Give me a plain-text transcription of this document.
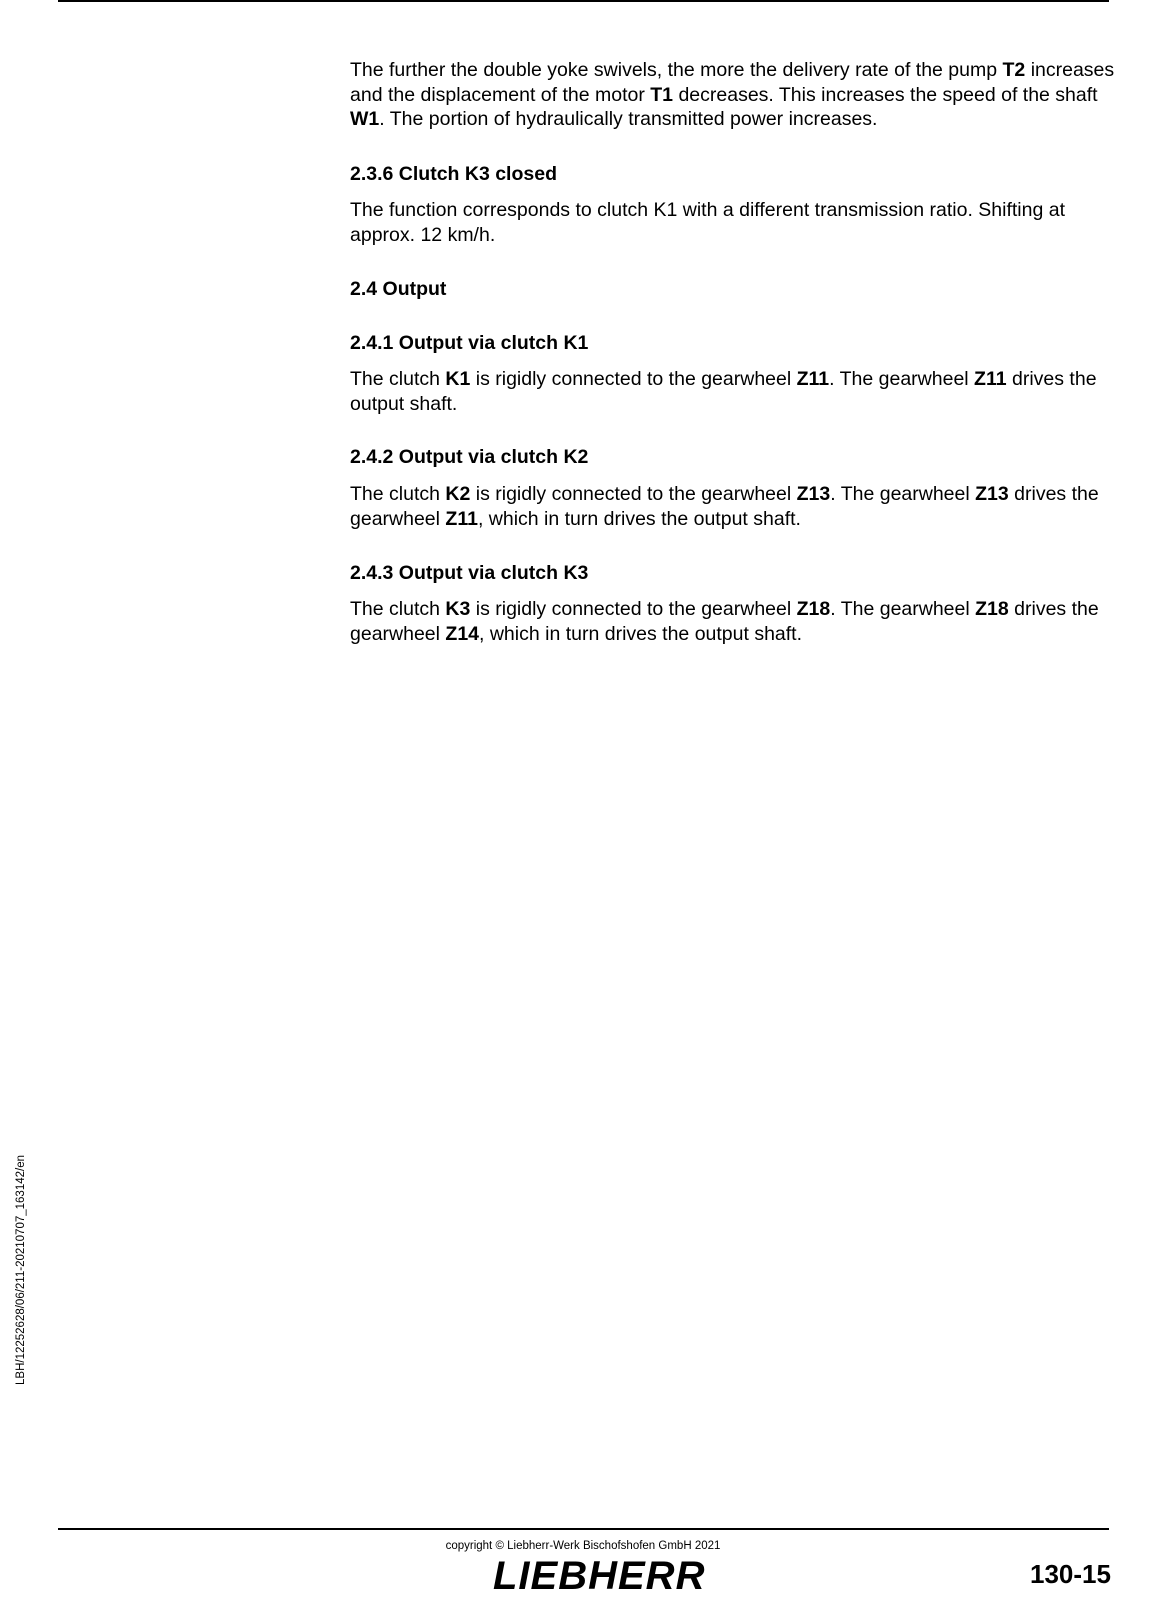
The further the double yoke swivels, the more the delivery rate of the pump T2 increases and the displacement of the motor T1 decreases. This increases the speed of the shaft W1. The portion of hydraulically transmitted power increases.

2.3.6 Clutch K3 closed

The function corresponds to clutch K1 with a different transmission ratio. Shifting at approx. 12 km/h.

2.4 Output

2.4.1 Output via clutch K1

The clutch K1 is rigidly connected to the gearwheel Z11. The gearwheel Z11 drives the output shaft.

2.4.2 Output via clutch K2

The clutch K2 is rigidly connected to the gearwheel Z13. The gearwheel Z13 drives the gearwheel Z11, which in turn drives the output shaft.

2.4.3 Output via clutch K3

The clutch K3 is rigidly connected to the gearwheel Z18. The gearwheel Z18 drives the gearwheel Z14, which in turn drives the output shaft.

LBH/12252628/06/211-20210707_163142/en
copyright © Liebherr-Werk Bischofshofen GmbH 2021
LIEBHERR	130-15
